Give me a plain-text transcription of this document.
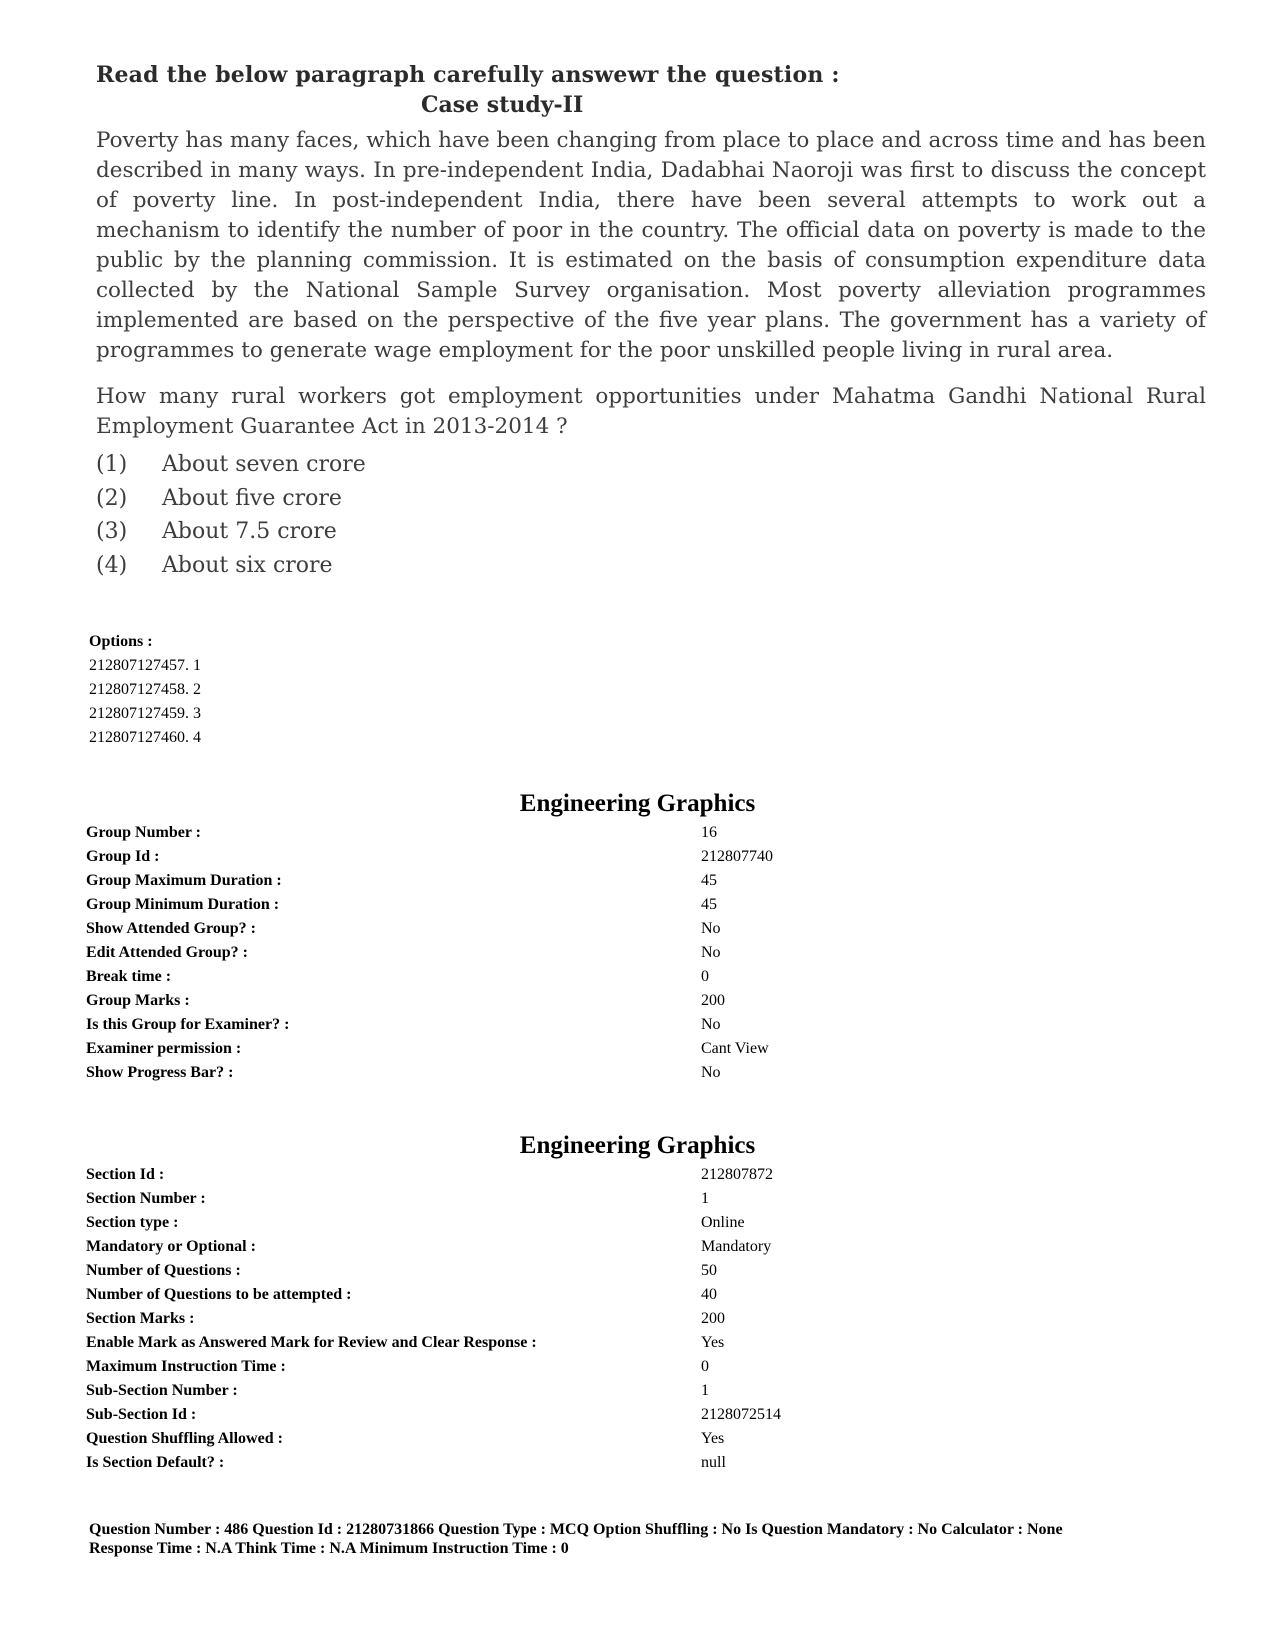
Read the below paragraph carefully answewr the question :
Case study-II
Poverty has many faces, which have been changing from place to place and across time and has been described in many ways. In pre-independent India, Dadabhai Naoroji was first to discuss the concept of poverty line. In post-independent India, there have been several attempts to work out a mechanism to identify the number of poor in the country. The official data on poverty is made to the public by the planning commission. It is estimated on the basis of consumption expenditure data collected by the National Sample Survey organisation. Most poverty alleviation programmes implemented are based on the perspective of the five year plans. The government has a variety of programmes to generate wage employment for the poor unskilled people living in rural area.
How many rural workers got employment opportunities under Mahatma Gandhi National Rural Employment Guarantee Act in 2013-2014 ?
(1)	About seven crore
(2)	About five crore
(3)	About 7.5 crore
(4)	About six crore
Options :
212807127457. 1
212807127458. 2
212807127459. 3
212807127460. 4
Engineering Graphics
Group Number :	16
Group Id :	212807740
Group Maximum Duration :	45
Group Minimum Duration :	45
Show Attended Group? :	No
Edit Attended Group? :	No
Break time :	0
Group Marks :	200
Is this Group for Examiner? :	No
Examiner permission :	Cant View
Show Progress Bar? :	No
Engineering Graphics
Section Id :	212807872
Section Number :	1
Section type :	Online
Mandatory or Optional :	Mandatory
Number of Questions :	50
Number of Questions to be attempted :	40
Section Marks :	200
Enable Mark as Answered Mark for Review and Clear Response :	Yes
Maximum Instruction Time :	0
Sub-Section Number :	1
Sub-Section Id :	2128072514
Question Shuffling Allowed :	Yes
Is Section Default? :	null
Question Number : 486 Question Id : 21280731866 Question Type : MCQ Option Shuffling : No Is Question Mandatory : No Calculator : None
Response Time : N.A Think Time : N.A Minimum Instruction Time : 0
